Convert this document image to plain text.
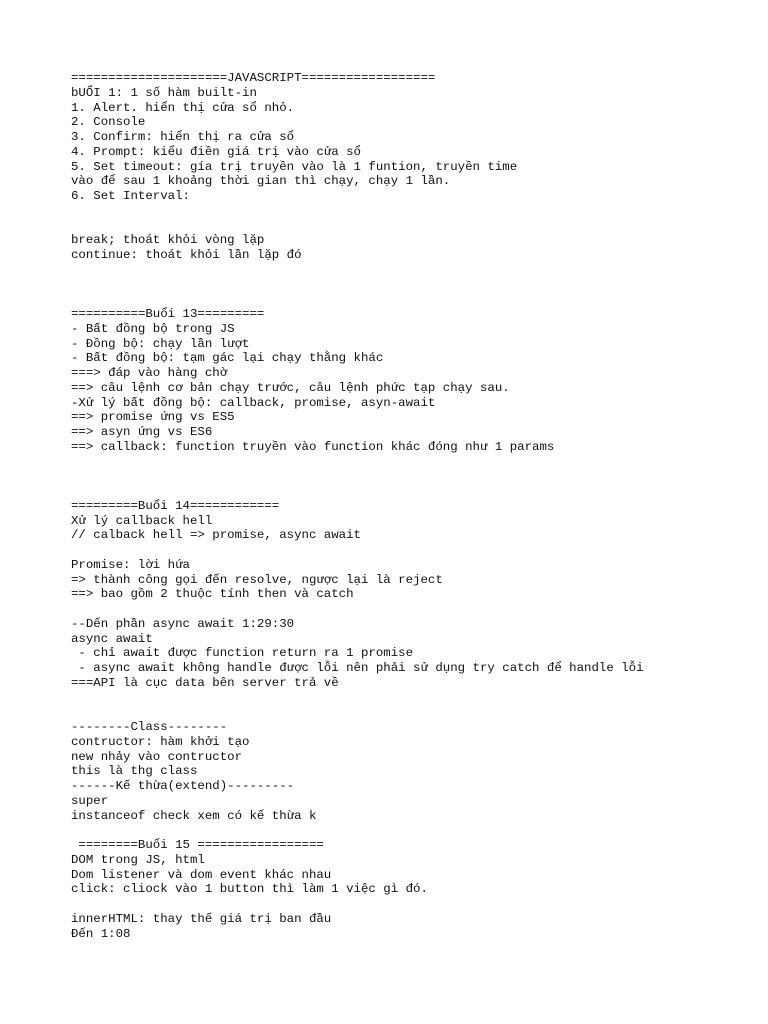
=====================JAVASCRIPT==================
bUỔI 1: 1 số hàm built-in
1. Alert. hiển thị cửa sổ nhỏ.
2. Console
3. Confirm: hiển thị ra cửa sổ
4. Prompt: kiểu điền giá trị vào cửa sổ
5. Set timeout: gía trị truyền vào là 1 funtion, truyền time
vào để sau 1 khoảng thời gian thì chạy, chạy 1 lần.
6. Set Interval:
break; thoát khỏi vòng lặp
continue: thoát khỏi lần lặp đó
==========Buổi 13=========
- Bất đồng bộ trong JS
- Đồng bộ: chạy lần lượt
- Bất đồng bộ: tạm gác lại chạy thằng khác
===> đáp vào hàng chờ
==> câu lệnh cơ bản chạy trước, câu lệnh phức tạp chạy sau.
-Xử lý bất đồng bộ: callback, promise, asyn-await
==> promise ứng vs ES5
==> asyn ứng vs ES6
==> callback: function truyền vào function khác đóng như 1 params
=========Buổi 14============
Xử lý callback hell
// calback hell => promise, async await
Promise: lời hứa
=> thành công gọi đến resolve, ngược lại là reject
==> bao gồm 2 thuộc tính then và catch
--Dến phần async await 1:29:30
async await
- chỉ await được function return ra 1 promise
- async await không handle được lỗi nên phải sử dụng try catch để handle lỗi
===API là cục data bên server trả về
--------Class--------
contructor: hàm khởi tạo
new nhảy vào contructor
this là thg class
------Kế thừa(extend)---------
super
instanceof check xem có kế thừa k
========Buổi 15 =================
DOM trong JS, html
Dom listener và dom event khác nhau
click: cliock vào 1 button thì làm 1 việc gì đó.
innerHTML: thay thế giá trị ban đầu
Đến 1:08
